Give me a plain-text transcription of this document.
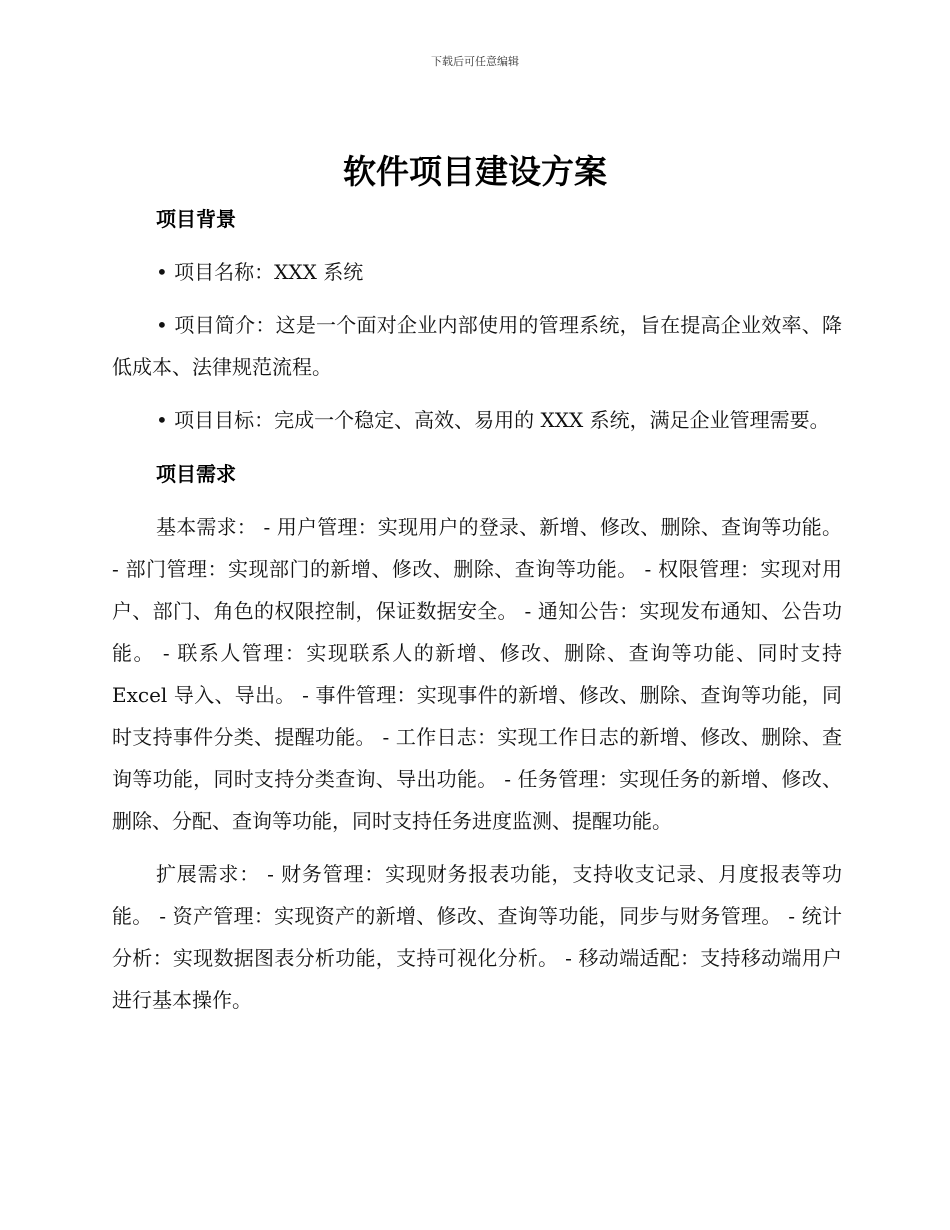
下载后可任意编辑
软件项目建设方案
项目背景

• 项目名称：XXX 系统

• 项目简介：这是一个面对企业内部使用的管理系统，旨在提高企业效率、降低成本、法律规范流程。

• 项目目标：完成一个稳定、高效、易用的 XXX 系统，满足企业管理需要。

项目需求

基本需求： - 用户管理：实现用户的登录、新增、修改、删除、查询等功能。 - 部门管理：实现部门的新增、修改、删除、查询等功能。 - 权限管理：实现对用户、部门、角色的权限控制，保证数据安全。 - 通知公告：实现发布通知、公告功能。 - 联系人管理：实现联系人的新增、修改、删除、查询等功能、同时支持 Excel 导入、导出。 - 事件管理：实现事件的新增、修改、删除、查询等功能，同时支持事件分类、提醒功能。 - 工作日志：实现工作日志的新增、修改、删除、查询等功能，同时支持分类查询、导出功能。 - 任务管理：实现任务的新增、修改、删除、分配、查询等功能，同时支持任务进度监测、提醒功能。

扩展需求： - 财务管理：实现财务报表功能，支持收支记录、月度报表等功能。 - 资产管理：实现资产的新增、修改、查询等功能，同步与财务管理。 - 统计分析：实现数据图表分析功能，支持可视化分析。 - 移动端适配：支持移动端用户进行基本操作。
